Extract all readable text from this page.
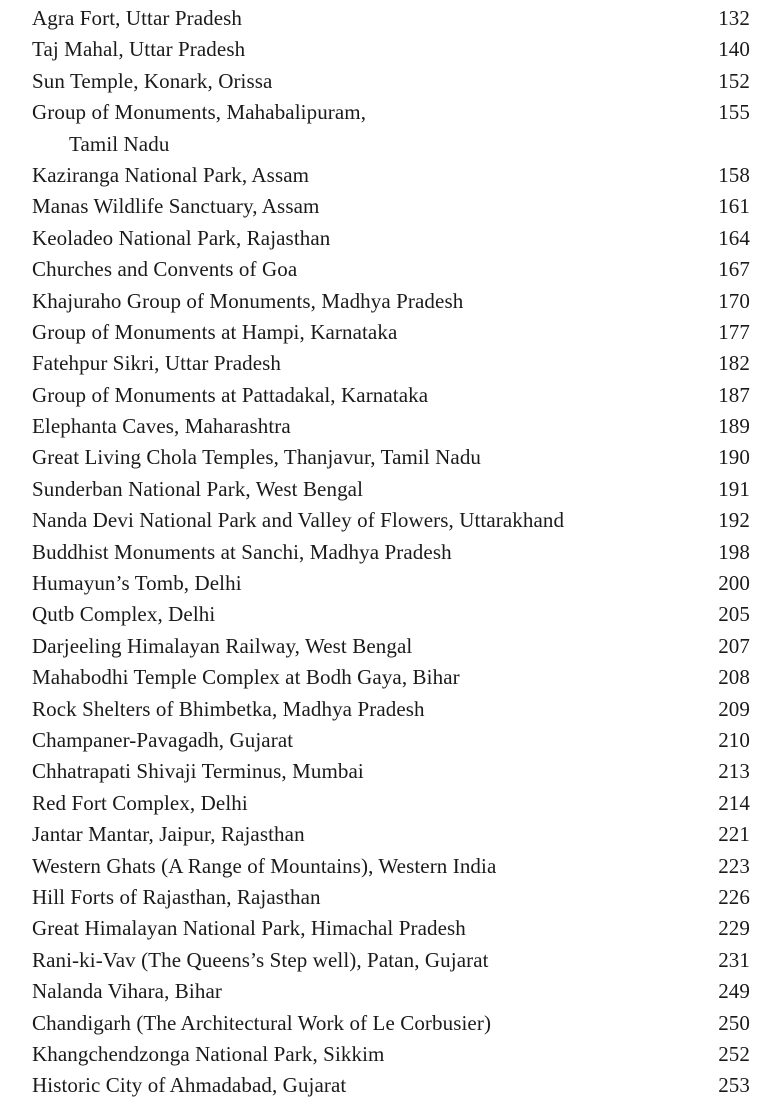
Agra Fort, Uttar Pradesh	132
Taj Mahal, Uttar Pradesh	140
Sun Temple, Konark, Orissa	152
Group of Monuments, Mahabalipuram,	155
Tamil Nadu
Kaziranga National Park, Assam	158
Manas Wildlife Sanctuary, Assam	161
Keoladeo National Park, Rajasthan	164
Churches and Convents of Goa	167
Khajuraho Group of Monuments, Madhya Pradesh	170
Group of Monuments at Hampi, Karnataka	177
Fatehpur Sikri, Uttar Pradesh	182
Group of Monuments at Pattadakal, Karnataka	187
Elephanta Caves, Maharashtra	189
Great Living Chola Temples, Thanjavur, Tamil Nadu	190
Sunderban National Park, West Bengal	191
Nanda Devi National Park and Valley of Flowers, Uttarakhand	192
Buddhist Monuments at Sanchi, Madhya Pradesh	198
Humayun’s Tomb, Delhi	200
Qutb Complex, Delhi	205
Darjeeling Himalayan Railway, West Bengal	207
Mahabodhi Temple Complex at Bodh Gaya, Bihar	208
Rock Shelters of Bhimbetka, Madhya Pradesh	209
Champaner-Pavagadh, Gujarat	210
Chhatrapati Shivaji Terminus, Mumbai	213
Red Fort Complex, Delhi	214
Jantar Mantar, Jaipur, Rajasthan	221
Western Ghats (A Range of Mountains), Western India	223
Hill Forts of Rajasthan, Rajasthan	226
Great Himalayan National Park, Himachal Pradesh	229
Rani-ki-Vav (The Queens’s Step well), Patan, Gujarat	231
Nalanda Vihara, Bihar	249
Chandigarh (The Architectural Work of Le Corbusier)	250
Khangchendzonga National Park, Sikkim	252
Historic City of Ahmadabad, Gujarat	253
